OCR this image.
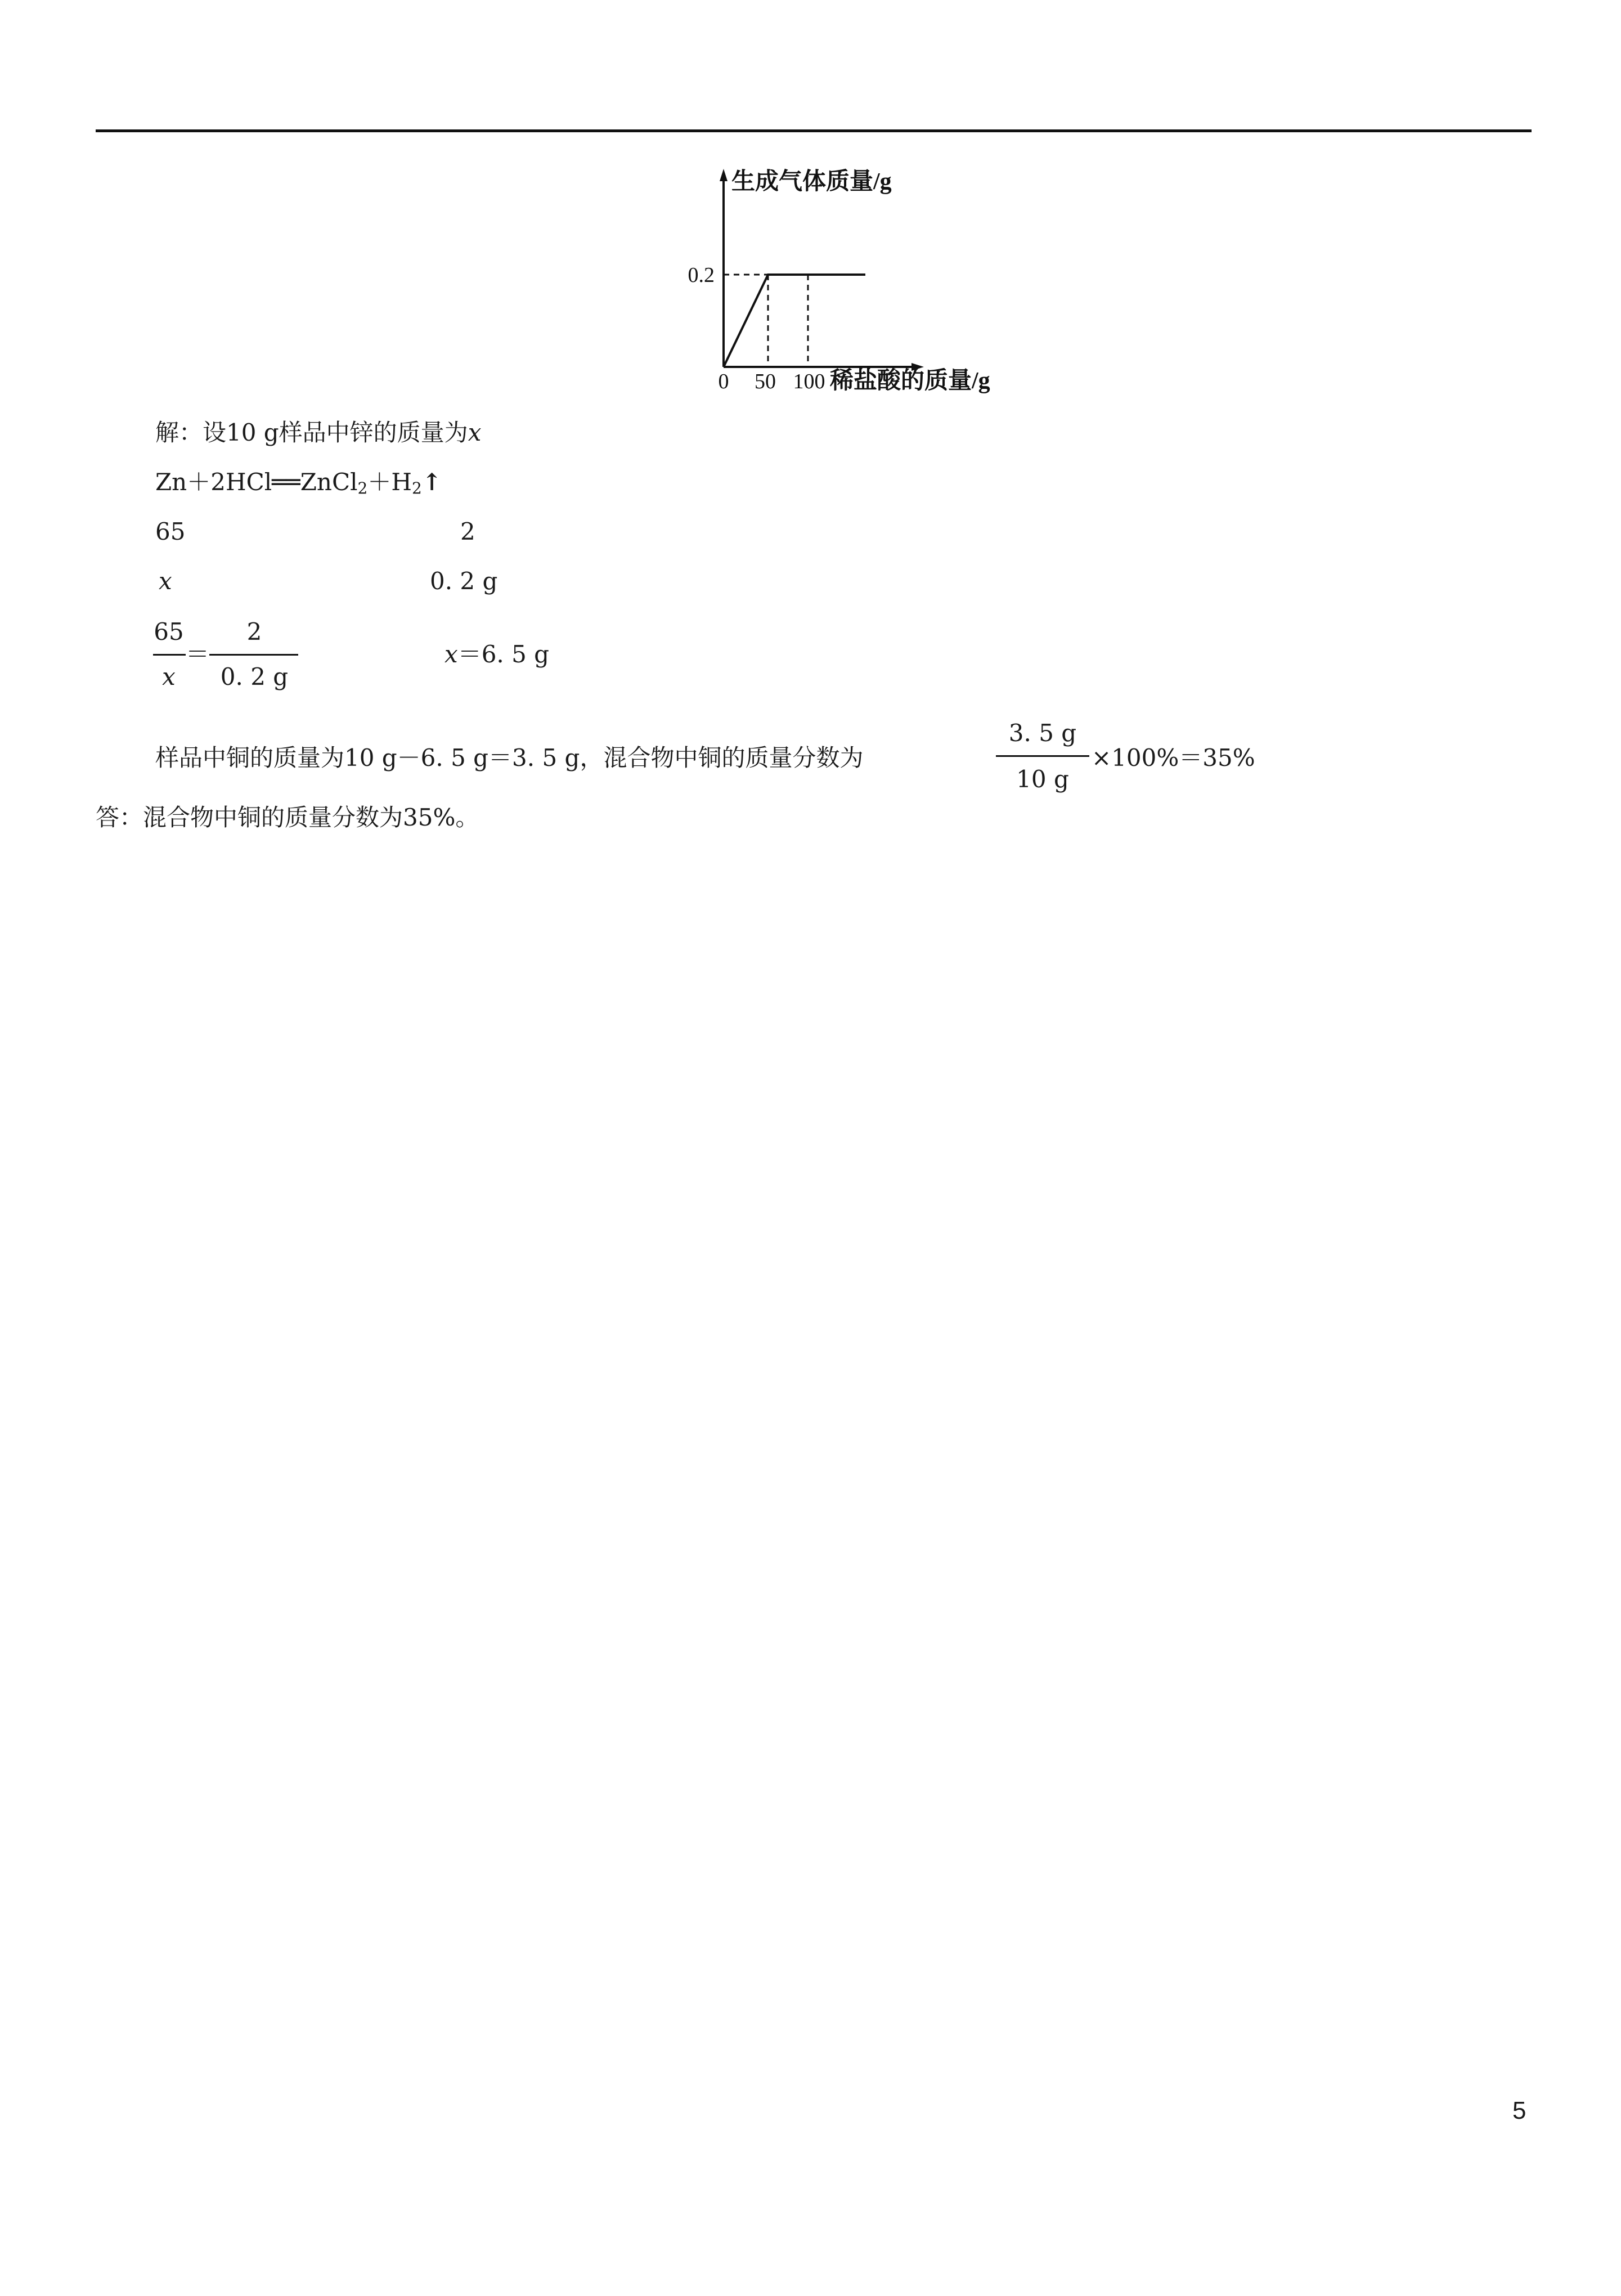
生成气体质量/g
0.2
0 50 100 稀盐酸的质量/g
解：设10 g样品中锌的质量为x
$Zn+2HCl══ZnCl_2+H_2↑$
65	2
x	0. 2 g
65
x
＝
2
0. 2 g
x＝6. 5 g
样品中铜的质量为10 g－6. 5 g＝3. 5 g，混合物中铜的质量分数为
3. 5 g
10 g
×100%＝35%
答：混合物中铜的质量分数为35%。
5
